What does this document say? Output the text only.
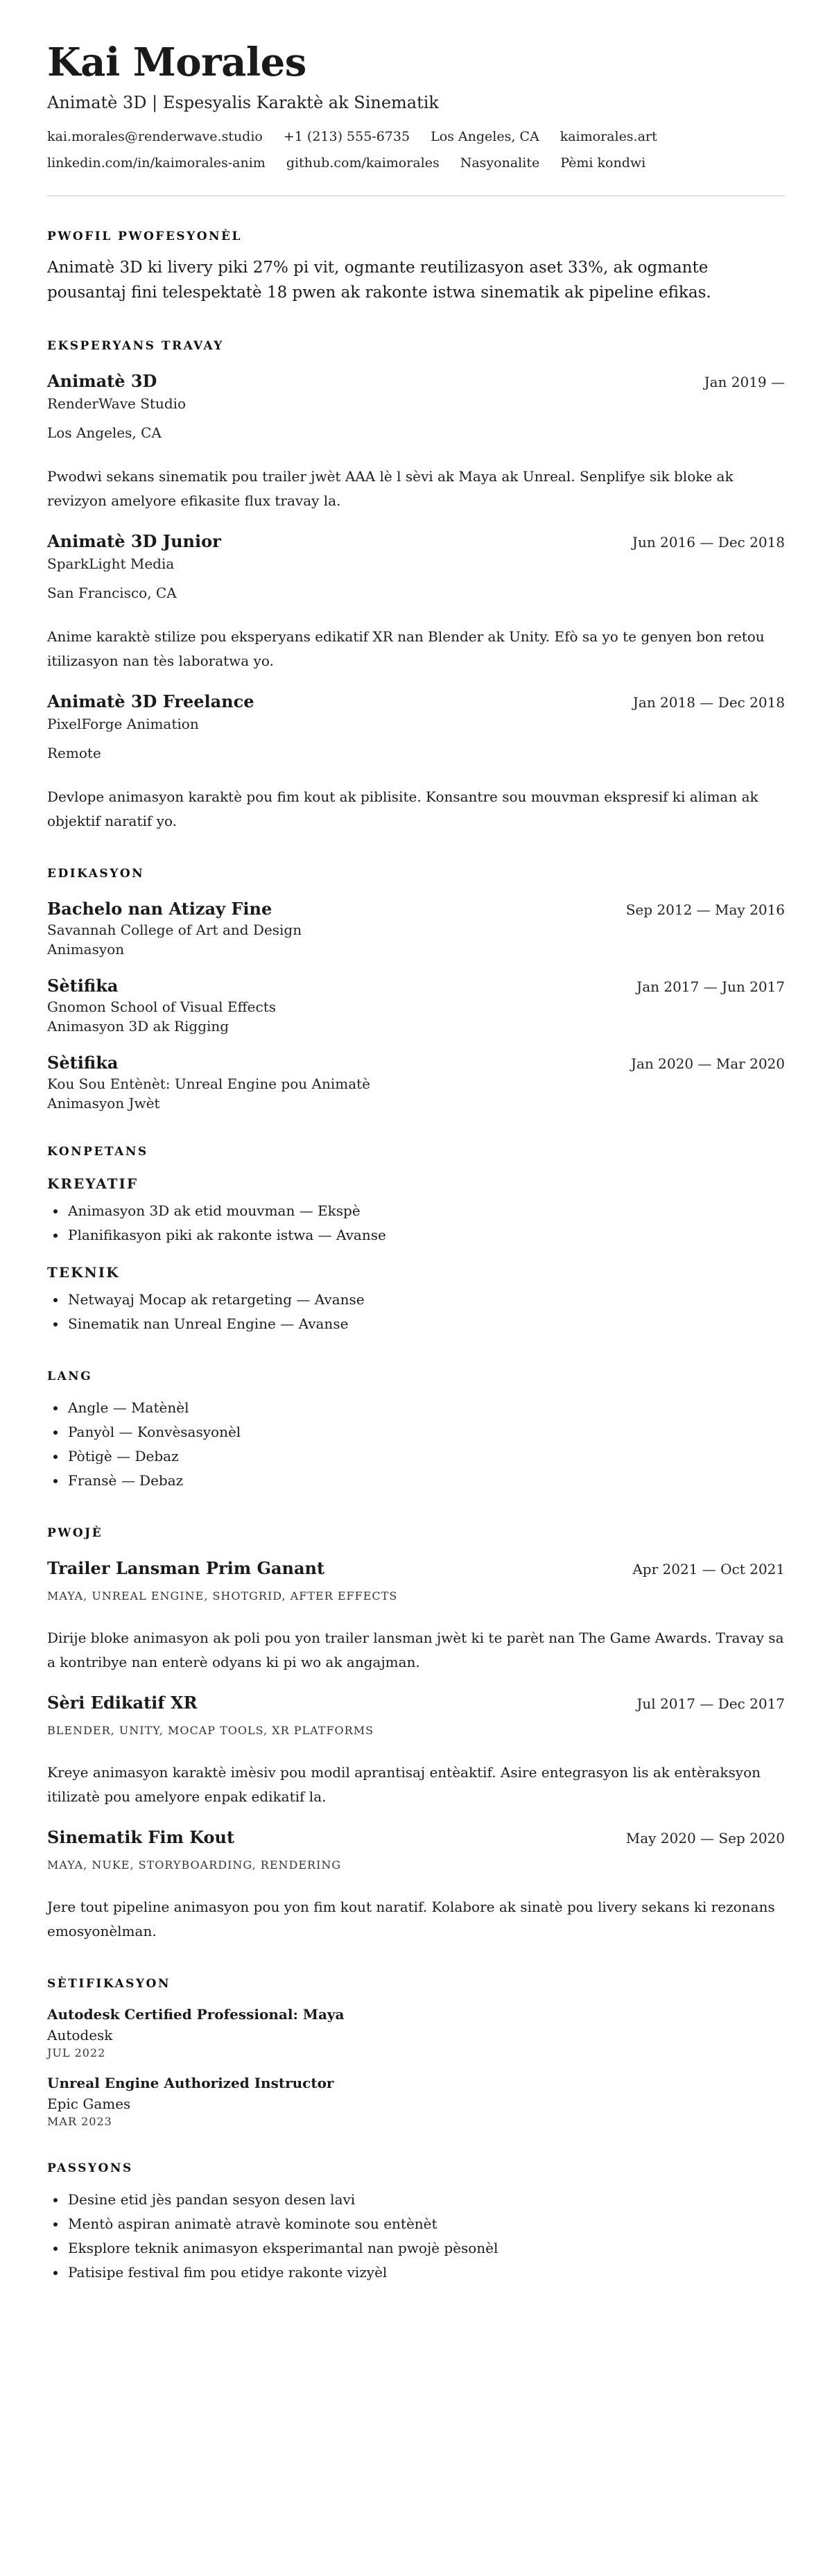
Kai Morales
Animatè 3D | Espesyalis Karaktè ak Sinematik
kai.morales@renderwave.studio +1 (213) 555-6735 Los Angeles, CA kaimorales.art
linkedin.com/in/kaimorales-anim github.com/kaimorales Nasyonalite Pèmi kondwi
PWOFIL PWOFESYONÈL
Animatè 3D ki livery piki 27% pi vit, ogmante reutilizasyon aset 33%, ak ogmante pousantaj fini telespektatè 18 pwen ak rakonte istwa sinematik ak pipeline efikas.
EKSPERYANS TRAVAY
Animatè 3D	Jan 2019 —
RenderWave Studio
Los Angeles, CA
Pwodwi sekans sinematik pou trailer jwèt AAA lè l sèvi ak Maya ak Unreal. Senplifye sik bloke ak revizyon amelyore efikasite flux travay la.
Animatè 3D Junior	Jun 2016 — Dec 2018
SparkLight Media
San Francisco, CA
Anime karaktè stilize pou eksperyans edikatif XR nan Blender ak Unity. Efò sa yo te genyen bon retou itilizasyon nan tès laboratwa yo.
Animatè 3D Freelance	Jan 2018 — Dec 2018
PixelForge Animation
Remote
Devlope animasyon karaktè pou fim kout ak piblisite. Konsantre sou mouvman ekspresif ki aliman ak objektif naratif yo.
EDIKASYON
Bachelo nan Atizay Fine	Sep 2012 — May 2016
Savannah College of Art and Design
Animasyon
Sètifika	Jan 2017 — Jun 2017
Gnomon School of Visual Effects
Animasyon 3D ak Rigging
Sètifika	Jan 2020 — Mar 2020
Kou Sou Entènèt: Unreal Engine pou Animatè
Animasyon Jwèt
KONPETANS
KREYATIF
• Animasyon 3D ak etid mouvman — Ekspè
• Planifikasyon piki ak rakonte istwa — Avanse
TEKNIK
• Netwayaj Mocap ak retargeting — Avanse
• Sinematik nan Unreal Engine — Avanse
LANG
• Angle — Matènèl
• Panyòl — Konvèsasyonèl
• Pòtigè — Debaz
• Fransè — Debaz
PWOJÈ
Trailer Lansman Prim Ganant	Apr 2021 — Oct 2021
MAYA, UNREAL ENGINE, SHOTGRID, AFTER EFFECTS
Dirije bloke animasyon ak poli pou yon trailer lansman jwèt ki te parèt nan The Game Awards. Travay sa a kontribye nan enterè odyans ki pi wo ak angajman.
Sèri Edikatif XR	Jul 2017 — Dec 2017
BLENDER, UNITY, MOCAP TOOLS, XR PLATFORMS
Kreye animasyon karaktè imèsiv pou modil aprantisaj entèaktif. Asire entegrasyon lis ak entèraksyon itilizatè pou amelyore enpak edikatif la.
Sinematik Fim Kout	May 2020 — Sep 2020
MAYA, NUKE, STORYBOARDING, RENDERING
Jere tout pipeline animasyon pou yon fim kout naratif. Kolabore ak sinatè pou livery sekans ki rezonans emosyonèlman.
SÈTIFIKASYON
Autodesk Certified Professional: Maya
Autodesk
JUL 2022
Unreal Engine Authorized Instructor
Epic Games
MAR 2023
PASSYONS
• Desine etid jès pandan sesyon desen lavi
• Mentò aspiran animatè atravè kominote sou entènèt
• Eksplore teknik animasyon eksperimantal nan pwojè pèsonèl
• Patisipe festival fim pou etidye rakonte vizyèl
